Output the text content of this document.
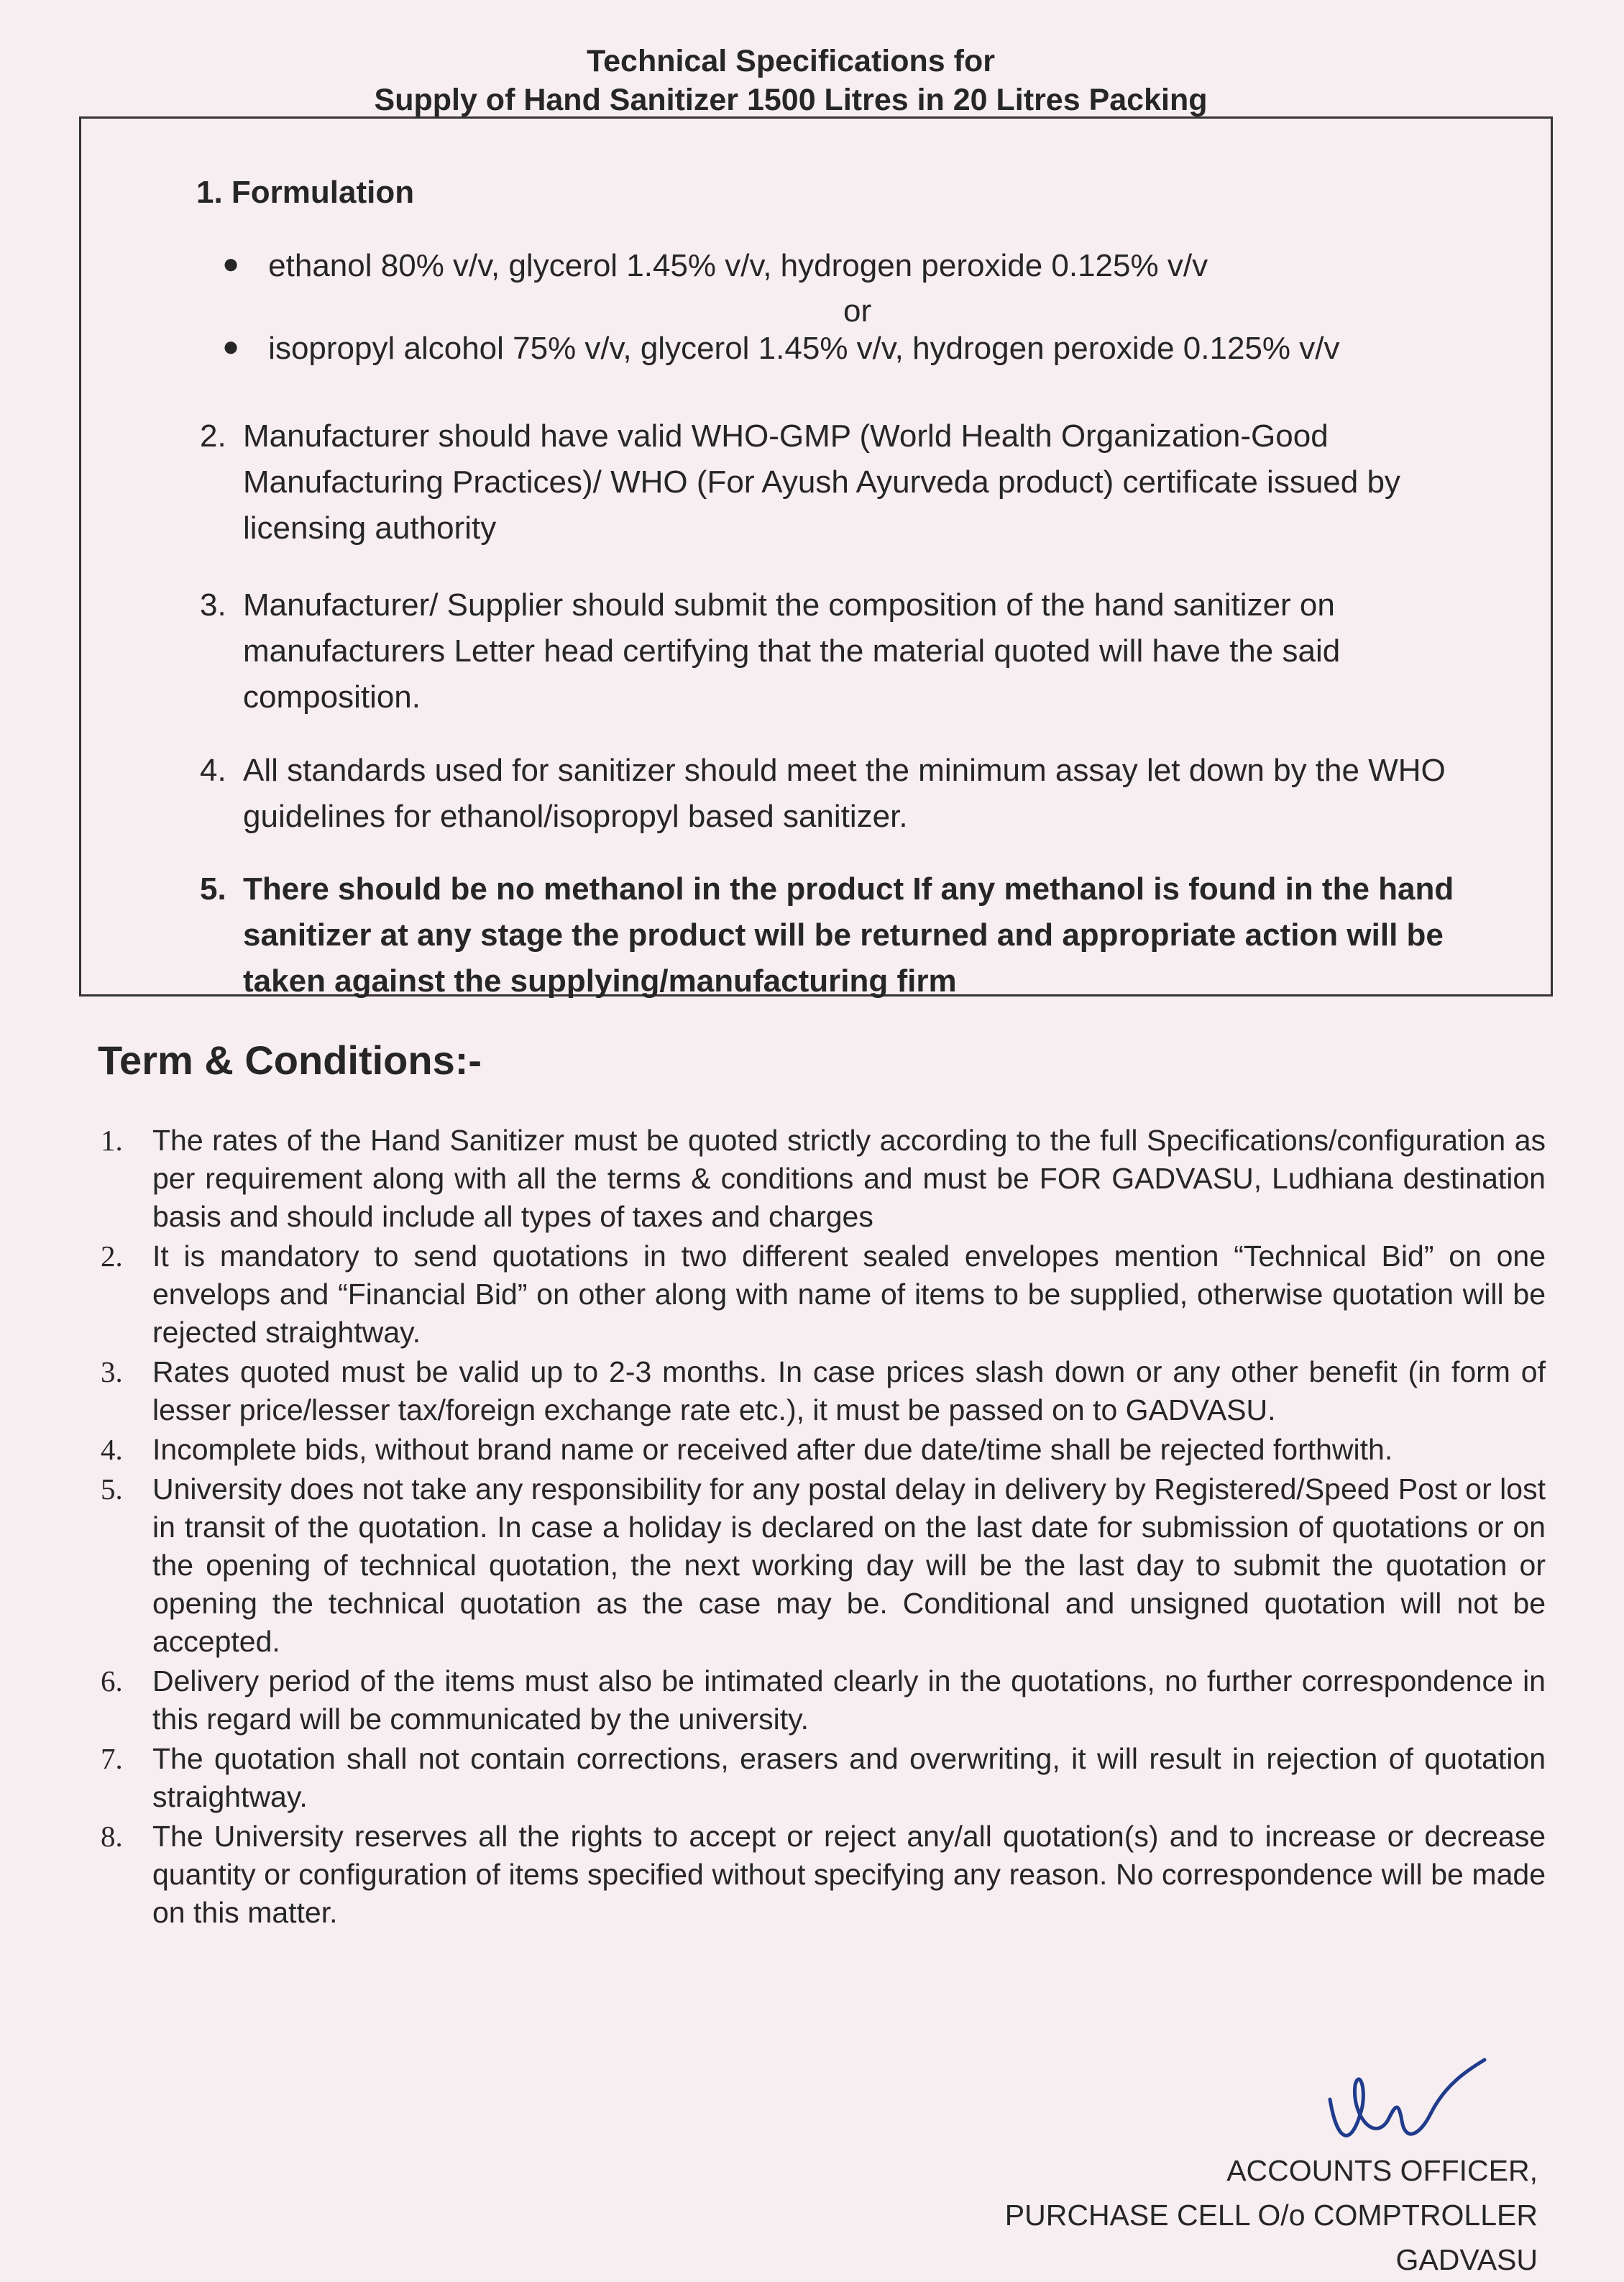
Technical Specifications for
Supply of Hand Sanitizer 1500 Litres in 20 Litres Packing
1. Formulation
● ethanol 80% v/v, glycerol 1.45% v/v, hydrogen peroxide 0.125% v/v
or
● isopropyl alcohol 75% v/v, glycerol 1.45% v/v, hydrogen peroxide 0.125% v/v
2. Manufacturer should have valid WHO-GMP (World Health Organization-Good Manufacturing Practices)/ WHO (For Ayush Ayurveda product) certificate issued by licensing authority
3. Manufacturer/ Supplier should submit the composition of the hand sanitizer on manufacturers Letter head certifying that the material quoted will have the said composition.
4. All standards used for sanitizer should meet the minimum assay let down by the WHO guidelines for ethanol/isopropyl based sanitizer.
5. There should be no methanol in the product If any methanol is found in the hand sanitizer at any stage the product will be returned and appropriate action will be taken against the supplying/manufacturing firm
Term & Conditions:-
1.	The rates of the Hand Sanitizer must be quoted strictly according to the full Specifications/configuration as per requirement along with all the terms & conditions and must be FOR GADVASU, Ludhiana destination basis and should include all types of taxes and charges
2.	It is mandatory to send quotations in two different sealed envelopes mention “Technical Bid” on one envelops and “Financial Bid” on other along with name of items to be supplied, otherwise quotation will be rejected straightway.
3.	Rates quoted must be valid up to 2-3 months. In case prices slash down or any other benefit (in form of lesser price/lesser tax/foreign exchange rate etc.), it must be passed on to GADVASU.
4.	Incomplete bids, without brand name or received after due date/time shall be rejected forthwith.
5.	University does not take any responsibility for any postal delay in delivery by Registered/Speed Post or lost in transit of the quotation. In case a holiday is declared on the last date for submission of quotations or on the opening of technical quotation, the next working day will be the last day to submit the quotation or opening the technical quotation as the case may be. Conditional and unsigned quotation will not be accepted.
6.	Delivery period of the items must also be intimated clearly in the quotations, no further correspondence in this regard will be communicated by the university.
7.	The quotation shall not contain corrections, erasers and overwriting, it will result in rejection of quotation straightway.
8.	The University reserves all the rights to accept or reject any/all quotation(s) and to increase or decrease quantity or configuration of items specified without specifying any reason. No correspondence will be made on this matter.
ACCOUNTS OFFICER,
PURCHASE CELL O/o COMPTROLLER
GADVASU
